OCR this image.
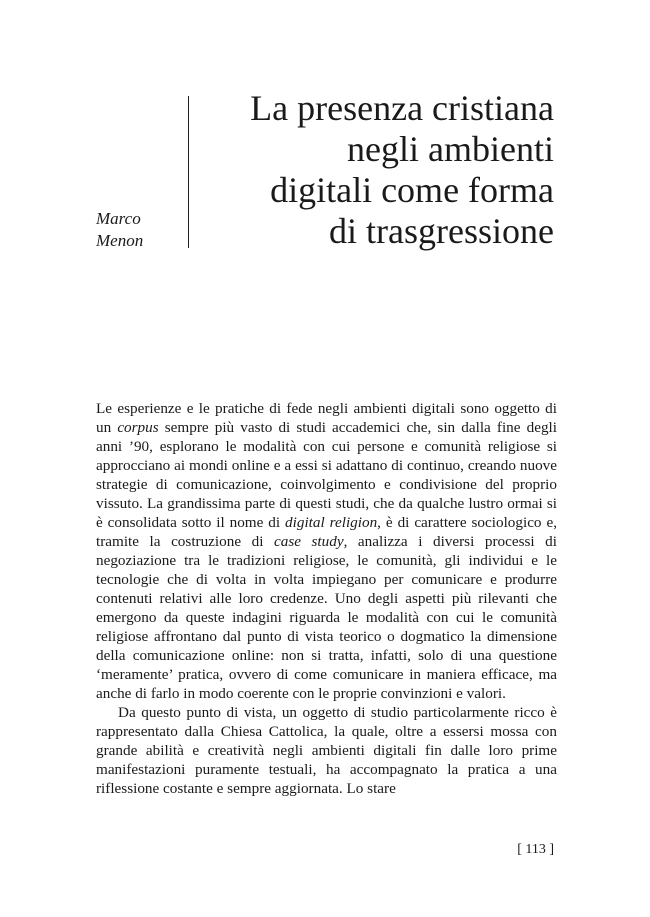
Marco
Menon
La presenza cristiana
negli ambienti
digitali come forma
di trasgressione

Le esperienze e le pratiche di fede negli ambienti digitali sono oggetto di un corpus sempre più vasto di studi accademici che, sin dalla fine degli anni ’90, esplorano le modalità con cui persone e comunità religiose si approcciano ai mondi online e a essi si adattano di continuo, creando nuove strategie di comunicazione, coinvolgimento e condivisione del proprio vissuto. La grandissima parte di questi studi, che da qualche lustro ormai si è consolidata sotto il nome di digital religion, è di carattere sociologico e, tramite la costruzione di case study, analizza i diversi processi di negoziazione tra le tradizioni religiose, le comunità, gli individui e le tecnologie che di volta in volta impiegano per comunicare e produrre contenuti relativi alle loro credenze. Uno degli aspetti più rilevanti che emergono da queste indagini riguarda le modalità con cui le comunità religiose affrontano dal punto di vista teorico o dogmatico la dimensione della comunicazione online: non si tratta, infatti, solo di una questione ‘meramente’ pratica, ovvero di come comunicare in maniera efficace, ma anche di farlo in modo coerente con le proprie convinzioni e valori.

Da questo punto di vista, un oggetto di studio particolarmente ricco è rappresentato dalla Chiesa Cattolica, la quale, oltre a essersi mossa con grande abilità e creatività negli ambienti digitali fin dalle loro prime manifestazioni puramente testuali, ha accompagnato la pratica a una riflessione costante e sempre aggiornata. Lo stare

[ 113 ]
